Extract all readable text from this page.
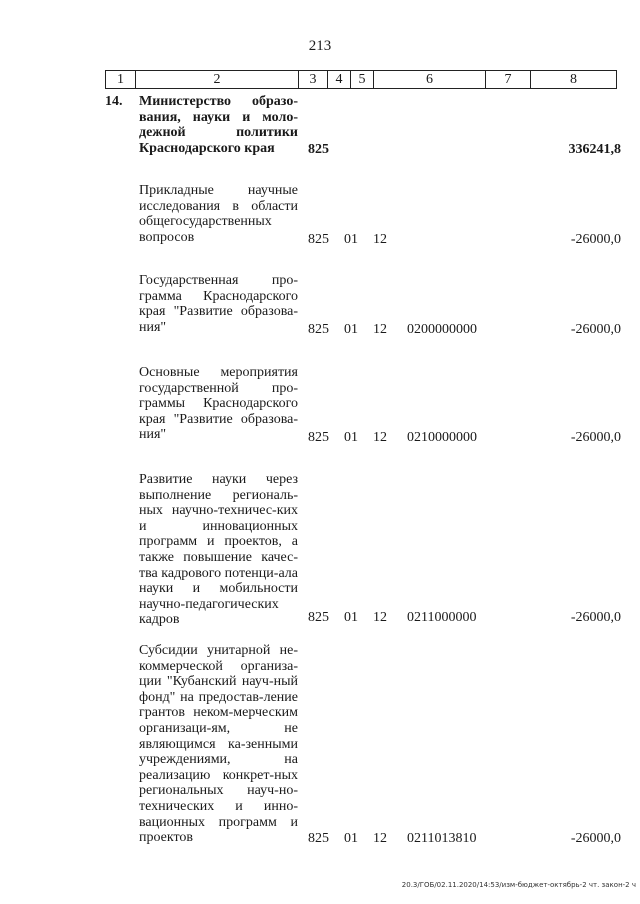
213
1	2	3	4	5	6	7	8
14. Министерство образо-вания, науки и моло-дежной политики Краснодарского края	825	336241,8
Прикладные научные исследования в области общегосударственных вопросов	825 01 12	-26000,0
Государственная про-грамма Краснодарского края "Развитие образова-ния"	825 01 12 0200000000	-26000,0
Основные мероприятия государственной про-граммы Краснодарского края "Развитие образова-ния"	825 01 12 0210000000	-26000,0
Развитие науки через выполнение региональ-ных научно-техничес-ких и инновационных программ и проектов, а также повышение качес-тва кадрового потенци-ала науки и мобильности научно-педагогических кадров	825 01 12 0211000000	-26000,0
Субсидии унитарной не-коммерческой организа-ции "Кубанский науч-ный фонд" на предостав-ление грантов неком-мерческим организаци-ям, не являющимся ка-зенными учреждениями, на реализацию конкрет-ных региональных науч-но-технических и инно-вационных программ и проектов	825 01 12 0211013810	-26000,0
20.3/ГОБ/02.11.2020/14:53/изм-бюджет-октябрь-2 чт. закон-2 ч
